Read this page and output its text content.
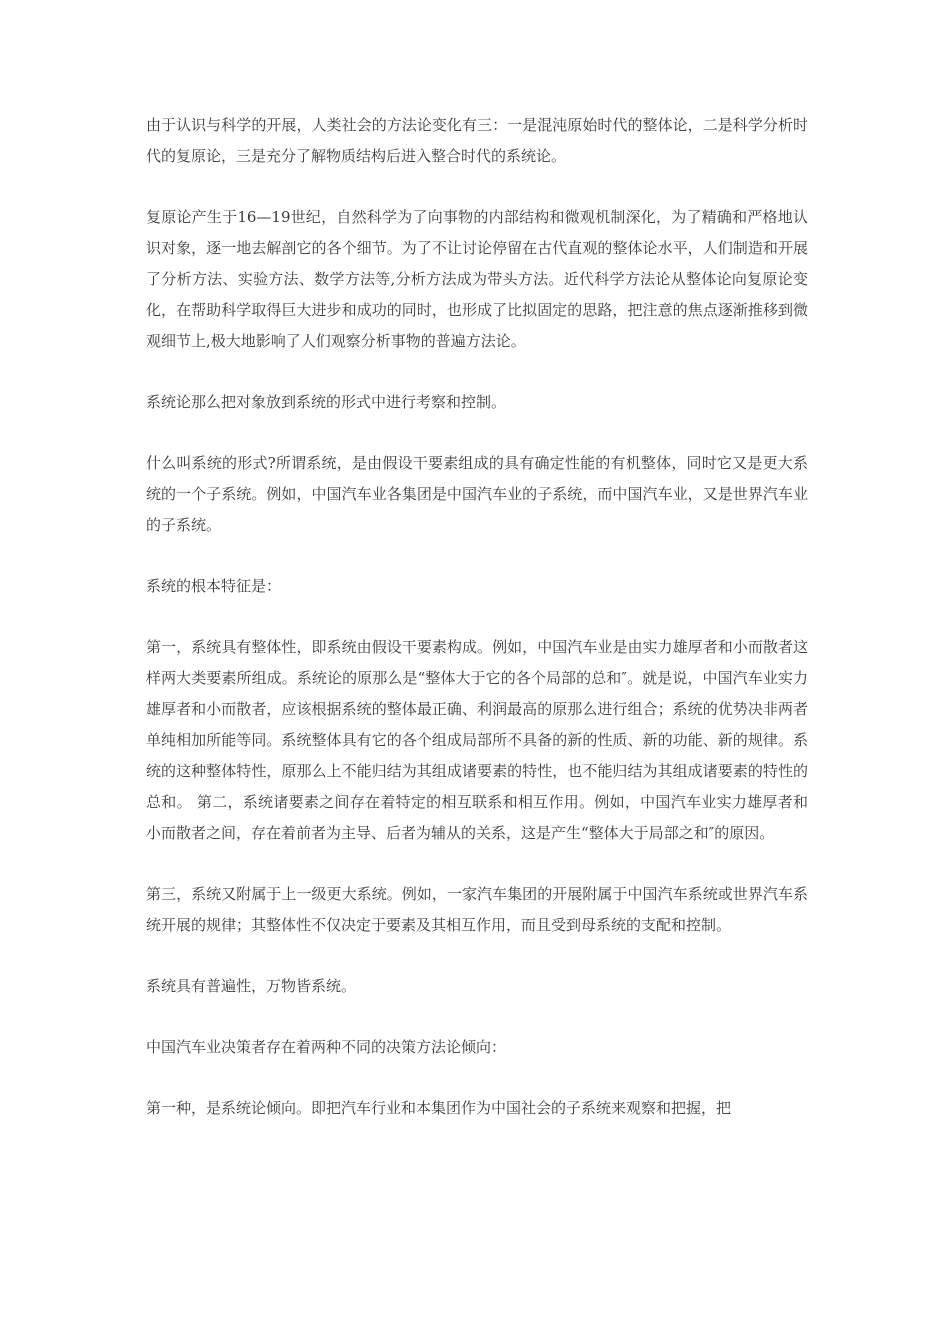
由于认识与科学的开展，人类社会的方法论变化有三：一是混沌原始时代的整体论，二是科学分析时代的复原论，三是充分了解物质结构后进入整合时代的系统论。

复原论产生于16—19世纪，自然科学为了向事物的内部结构和微观机制深化，为了精确和严格地认识对象，逐一地去解剖它的各个细节。为了不让讨论停留在古代直观的整体论水平，人们制造和开展了分析方法、实验方法、数学方法等,分析方法成为带头方法。近代科学方法论从整体论向复原论变化，在帮助科学取得巨大进步和成功的同时，也形成了比拟固定的思路，把注意的焦点逐渐推移到微观细节上,极大地影响了人们观察分析事物的普遍方法论。

系统论那么把对象放到系统的形式中进行考察和控制。

什么叫系统的形式?所谓系统，是由假设干要素组成的具有确定性能的有机整体，同时它又是更大系统的一个子系统。例如，中国汽车业各集团是中国汽车业的子系统，而中国汽车业，又是世界汽车业的子系统。

系统的根本特征是：

第一，系统具有整体性，即系统由假设干要素构成。例如，中国汽车业是由实力雄厚者和小而散者这样两大类要素所组成。系统论的原那么是“整体大于它的各个局部的总和″。就是说，中国汽车业实力雄厚者和小而散者，应该根据系统的整体最正确、利润最高的原那么进行组合；系统的优势决非两者单纯相加所能等同。系统整体具有它的各个组成局部所不具备的新的性质、新的功能、新的规律。系统的这种整体特性，原那么上不能归结为其组成诸要素的特性，也不能归结为其组成诸要素的特性的总和。 第二，系统诸要素之间存在着特定的相互联系和相互作用。例如，中国汽车业实力雄厚者和小而散者之间，存在着前者为主导、后者为辅从的关系，这是产生“整体大于局部之和″的原因。

第三，系统又附属于上一级更大系统。例如，一家汽车集团的开展附属于中国汽车系统或世界汽车系统开展的规律；其整体性不仅决定于要素及其相互作用，而且受到母系统的支配和控制。

系统具有普遍性，万物皆系统。

中国汽车业决策者存在着两种不同的决策方法论倾向：

第一种，是系统论倾向。即把汽车行业和本集团作为中国社会的子系统来观察和把握，把
